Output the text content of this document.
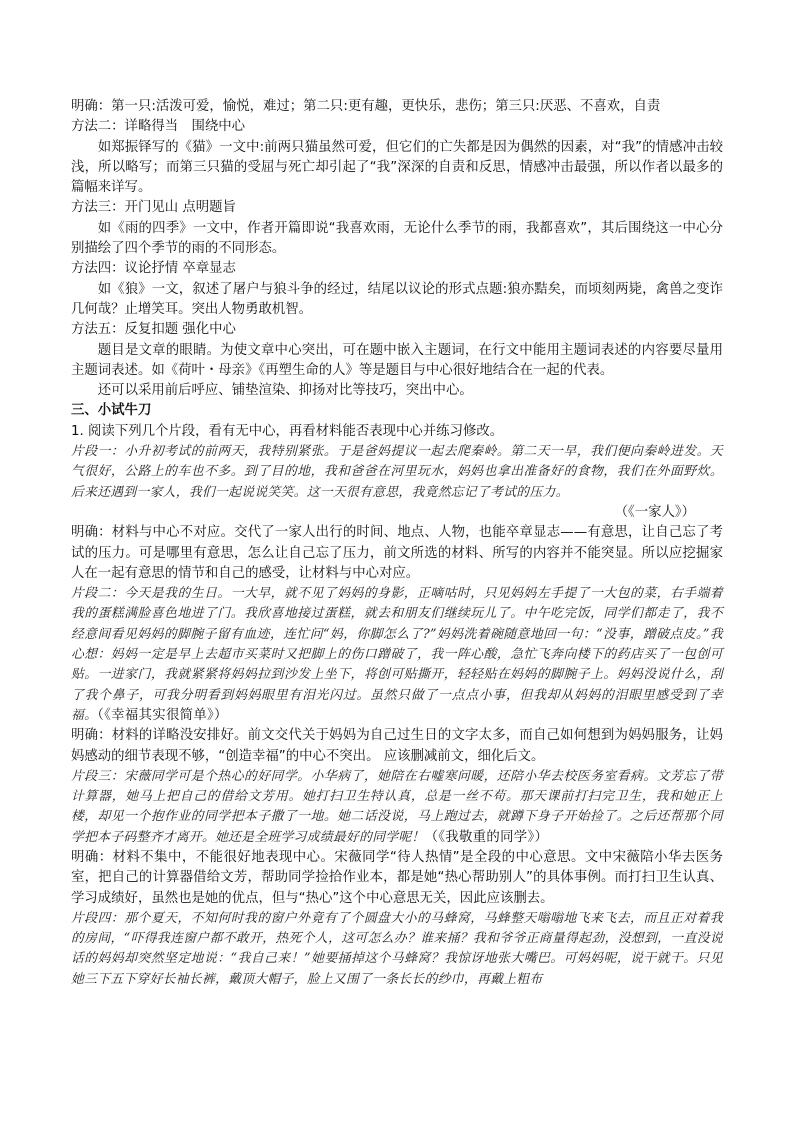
明确：第一只:活泼可爱，愉悦，难过；第二只:更有趣，更快乐，悲伤；第三只:厌恶、不喜欢，自责

方法二：详略得当　围绕中心

如郑振铎写的《猫》一文中:前两只猫虽然可爱，但它们的亡失都是因为偶然的因素，对“我”的情感冲击较浅，所以略写；而第三只猫的受屈与死亡却引起了“我”深深的自责和反思，情感冲击最强，所以作者以最多的篇幅来详写。

方法三：开门见山 点明题旨

如《雨的四季》一文中，作者开篇即说“我喜欢雨，无论什么季节的雨，我都喜欢”，其后围绕这一中心分别描绘了四个季节的雨的不同形态。

方法四：议论抒情 卒章显志

如《狼》一文，叙述了屠户与狼斗争的经过，结尾以议论的形式点题:狼亦黠矣，而顷刻两毙，禽兽之变诈几何哉？止增笑耳。突出人物勇敢机智。

方法五：反复扣题 强化中心

题目是文章的眼睛。为使文章中心突出，可在题中嵌入主题词，在行文中能用主题词表述的内容要尽量用主题词表述。如《荷叶・母亲》《再塑生命的人》等是题目与中心很好地结合在一起的代表。

还可以采用前后呼应、铺垫渲染、抑扬对比等技巧，突出中心。

三、小试牛刀

1. 阅读下列几个片段，看有无中心，再看材料能否表现中心并练习修改。

片段一：小升初考试的前两天，我特别紧张。于是爸妈提议一起去爬秦岭。第二天一早，我们便向秦岭进发。天气很好，公路上的车也不多。到了目的地，我和爸爸在河里玩水，妈妈也拿出准备好的食物，我们在外面野炊。后来还遇到一家人，我们一起说说笑笑。这一天很有意思，我竟然忘记了考试的压力。

（《一家人》）

明确：材料与中心不对应。交代了一家人出行的时间、地点、人物，也能卒章显志——有意思，让自己忘了考试的压力。可是哪里有意思，怎么让自己忘了压力，前文所选的材料、所写的内容并不能突显。所以应挖掘家人在一起有意思的情节和自己的感受，让材料与中心对应。

片段二：今天是我的生日。一大早，就不见了妈妈的身影，正嘀咕时，只见妈妈左手提了一大包的菜，右手端着我的蛋糕满脸喜色地进了门。我欣喜地接过蛋糕，就去和朋友们继续玩儿了。中午吃完饭，同学们都走了，我不经意间看见妈妈的脚腕子留有血迹，连忙问“妈，你脚怎么了?”妈妈洗着碗随意地回一句：“没事，蹭破点皮。”我心想：妈妈一定是早上去超市买菜时又把脚上的伤口蹭破了，我一阵心酸，急忙飞奔向楼下的药店买了一包创可贴。一进家门，我就紧紧将妈妈拉到沙发上坐下，将创可贴撕开，轻轻贴在妈妈的脚腕子上。妈妈没说什么，刮了我个鼻子，可我分明看到妈妈眼里有泪光闪过。虽然只做了一点点小事，但我却从妈妈的泪眼里感受到了幸福。（《幸福其实很简单》）

明确：材料的详略没安排好。前文交代关于妈妈为自己过生日的文字太多，而自己如何想到为妈妈服务，让妈妈感动的细节表现不够，“创造幸福”的中心不突出。 应该删减前文，细化后文。

片段三：宋薇同学可是个热心的好同学。小华病了，她陪在右嘘寒问暖，还陪小华去校医务室看病。文芳忘了带计算器，她马上把自己的借给文芳用。她打扫卫生特认真，总是一丝不苟。那天课前打扫完卫生，我和她正上楼，却见一个抱作业的同学把本子撒了一地。她二话没说，马上跑过去，就蹲下身子开始捡了。之后还帮那个同学把本子码整齐才离开。她还是全班学习成绩最好的同学呢！（《我敬重的同学》）

明确：材料不集中，不能很好地表现中心。宋薇同学“待人热情”是全段的中心意思。文中宋薇陪小华去医务室，把自己的计算器借给文芳，帮助同学捡拾作业本，都是她“热心帮助别人”的具体事例。而打扫卫生认真、学习成绩好，虽然也是她的优点，但与“热心”这个中心意思无关，因此应该删去。

片段四：那个夏天，不知何时我的窗户外竟有了个圆盘大小的马蜂窝，马蜂整天嗡嗡地飞来飞去，而且正对着我的房间，“吓得我连窗户都不敢开，热死个人，这可怎么办？谁来捅？我和爷爷正商量得起劲，没想到，一直没说话的妈妈却突然坚定地说：“我自己来！”她要捅掉这个马蜂窝？我惊讶地张大嘴巴。可妈妈呢，说干就干。只见她三下五下穿好长袖长裤，戴顶大帽子，脸上又围了一条长长的纱巾，再戴上粗布
